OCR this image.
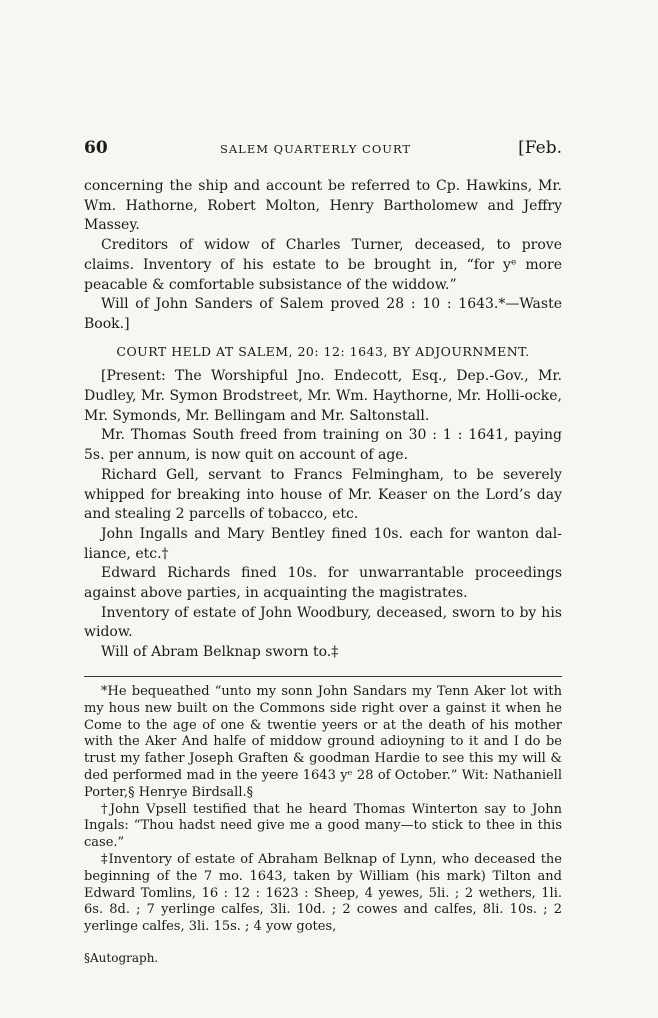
60	SALEM QUARTERLY COURT	[Feb.

concerning the ship and account be referred to Cp. Hawkins, Mr. Wm. Hathorne, Robert Molton, Henry Bartholomew and Jeffry Massey.

Creditors of widow of Charles Turner, deceased, to prove claims. Inventory of his estate to be brought in, “for yᵉ more peacable & comfortable subsistance of the widdow.”

Will of John Sanders of Salem proved 28 : 10 : 1643.*—Waste Book.]

COURT HELD AT SALEM, 20: 12: 1643, BY ADJOURNMENT.

[Present: The Worshipful Jno. Endecott, Esq., Dep.-Gov., Mr. Dudley, Mr. Symon Brodstreet, Mr. Wm. Haythorne, Mr. Holli-ocke, Mr. Symonds, Mr. Bellingam and Mr. Saltonstall.

Mr. Thomas South freed from training on 30 : 1 : 1641, paying 5s. per annum, is now quit on account of age.

Richard Gell, servant to Francs Felmingham, to be severely whipped for breaking into house of Mr. Keaser on the Lord’s day and stealing 2 parcells of tobacco, etc.

John Ingalls and Mary Bentley fined 10s. each for wanton dal-liance, etc.†

Edward Richards fined 10s. for unwarrantable proceedings against above parties, in acquainting the magistrates.

Inventory of estate of John Woodbury, deceased, sworn to by his widow.

Will of Abram Belknap sworn to.‡

*He bequeathed “unto my sonn John Sandars my Tenn Aker lot with my hous new built on the Commons side right over a gainst it when he Come to the age of one & twentie yeers or at the death of his mother with the Aker And halfe of middow ground adioyning to it and I do be trust my father Joseph Graften & goodman Hardie to see this my will & ded performed mad in the yeere 1643 yᵉ 28 of October.” Wit: Nathaniell Porter,§ Henrye Birdsall.§

†John Vpsell testified that he heard Thomas Winterton say to John Ingals: “Thou hadst need give me a good many—to stick to thee in this case.”

‡Inventory of estate of Abraham Belknap of Lynn, who deceased the beginning of the 7 mo. 1643, taken by William (his mark) Tilton and Edward Tomlins, 16 : 12 : 1623 : Sheep, 4 yewes, 5li. ; 2 wethers, 1li. 6s. 8d. ; 7 yerlinge calfes, 3li. 10d. ; 2 cowes and calfes, 8li. 10s. ; 2 yerlinge calfes, 3li. 15s. ; 4 yow gotes,

§Autograph.
